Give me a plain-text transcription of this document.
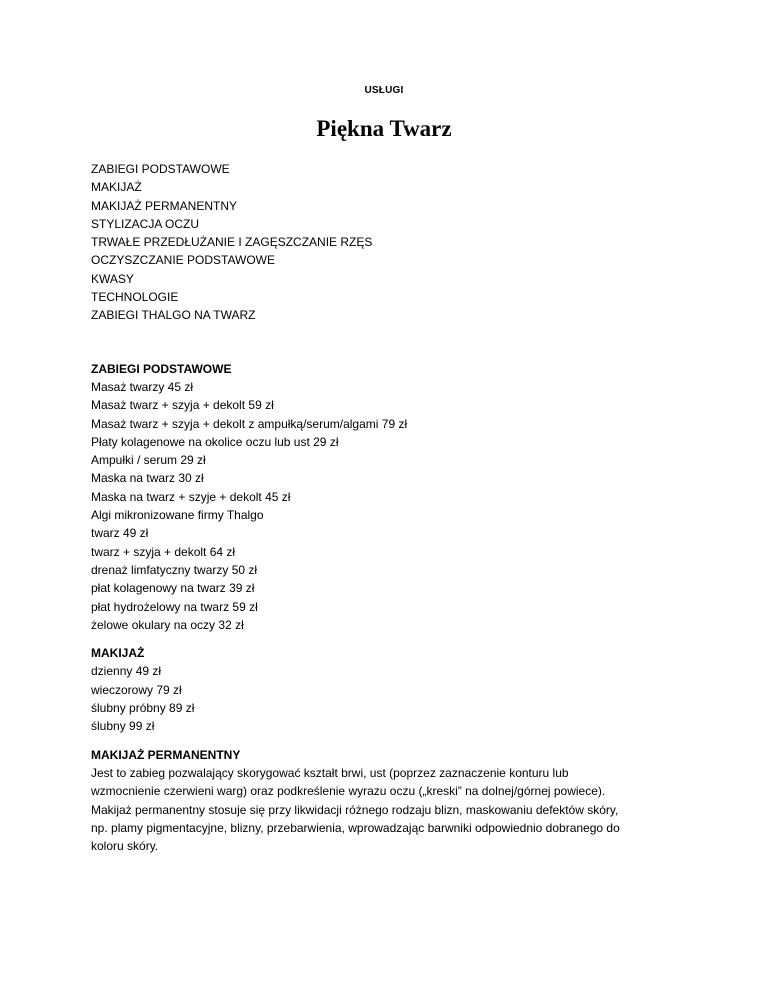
USŁUGI
Piękna Twarz
ZABIEGI PODSTAWOWE
MAKIJAŻ
MAKIJAŻ PERMANENTNY
STYLIZACJA OCZU
TRWAŁE PRZEDŁUŻANIE I ZAGĘSZCZANIE RZĘS
OCZYSZCZANIE PODSTAWOWE
KWASY
TECHNOLOGIE
ZABIEGI THALGO NA TWARZ
ZABIEGI PODSTAWOWE
Masaż twarzy 45 zł
Masaż twarz + szyja + dekolt 59 zł
Masaż twarz + szyja + dekolt z ampułką/serum/algami 79 zł
Płaty kolagenowe na okolice oczu lub ust 29 zł
Ampułki / serum 29 zł
Maska na twarz 30 zł
Maska na twarz + szyje + dekolt 45 zł
Algi mikronizowane firmy Thalgo
twarz 49 zł
twarz + szyja + dekolt 64 zł
drenaż limfatyczny twarzy 50 zł
płat kolagenowy na twarz 39 zł
płat hydrożelowy na twarz 59 zł
żelowe okulary na oczy 32 zł
MAKIJAŻ
dzienny 49 zł
wieczorowy 79 zł
ślubny próbny 89 zł
ślubny 99 zł
MAKIJAŻ PERMANENTNY
Jest to zabieg pozwalający skorygować kształt brwi, ust (poprzez zaznaczenie konturu lub
wzmocnienie czerwieni warg) oraz podkreślenie wyrazu oczu („kreski” na dolnej/górnej powiece).
Makijaż permanentny stosuje się przy likwidacji różnego rodzaju blizn, maskowaniu defektów skóry,
np. plamy pigmentacyjne, blizny, przebarwienia, wprowadzając barwniki odpowiednio dobranego do
koloru skóry.
